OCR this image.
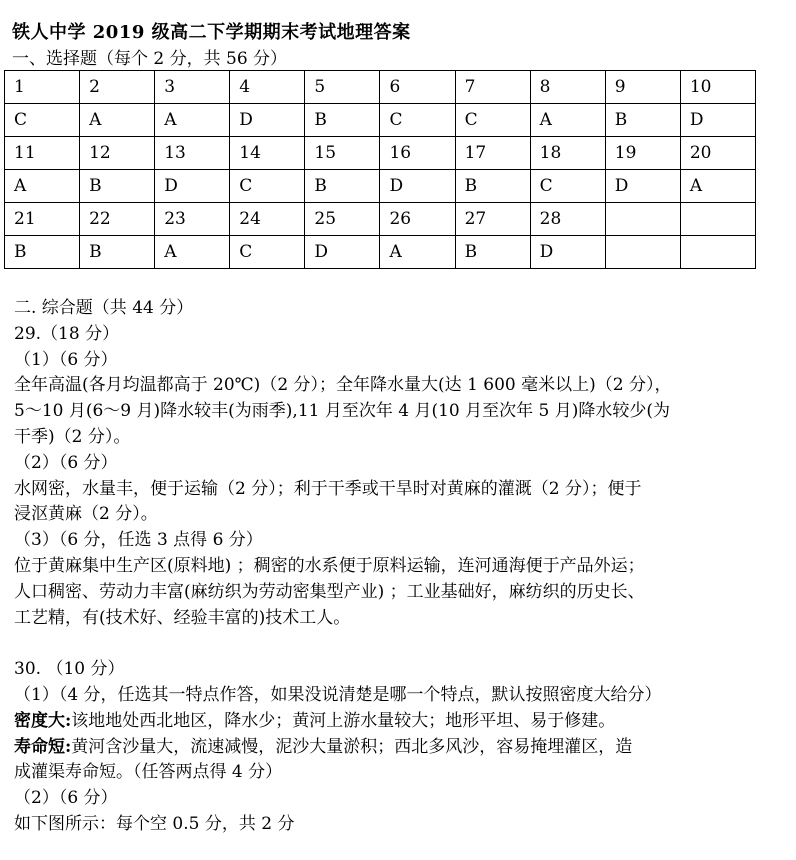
铁人中学 2019 级高二下学期期末考试地理答案
一、选择题（每个 2 分，共 56 分）
1	2	3	4	5	6	7	8	9	10
C	A	A	D	B	C	C	A	B	D
11	12	13	14	15	16	17	18	19	20
A	B	D	C	B	D	B	C	D	A
21	22	23	24	25	26	27	28		
B	B	A	C	D	A	B	D		
二. 综合题（共 44 分）
29.（18 分）
（1）（6 分）
全年高温(各月均温都高于 20℃)（2 分）；全年降水量大(达 1 600 毫米以上)（2 分），
5～10 月(6～9 月)降水较丰(为雨季),11 月至次年 4 月(10 月至次年 5 月)降水较少(为
干季)（2 分）。
（2）（6 分）
水网密，水量丰，便于运输（2 分）；利于干季或干旱时对黄麻的灌溉（2 分）；便于
浸沤黄麻（2 分）。
（3）（6 分，任选 3 点得 6 分）
位于黄麻集中生产区(原料地) ；稠密的水系便于原料运输，连河通海便于产品外运；
人口稠密、劳动力丰富(麻纺织为劳动密集型产业) ；工业基础好，麻纺织的历史长、
工艺精，有(技术好、经验丰富的)技术工人。
30. （10 分）
（1）（4 分，任选其一特点作答，如果没说清楚是哪一个特点，默认按照密度大给分）
密度大:该地地处西北地区，降水少；黄河上游水量较大；地形平坦、易于修建。
寿命短:黄河含沙量大，流速减慢，泥沙大量淤积；西北多风沙，容易掩埋灌区，造
成灌渠寿命短。（任答两点得 4 分）
（2）（6 分）
如下图所示：每个空 0.5 分，共 2 分
